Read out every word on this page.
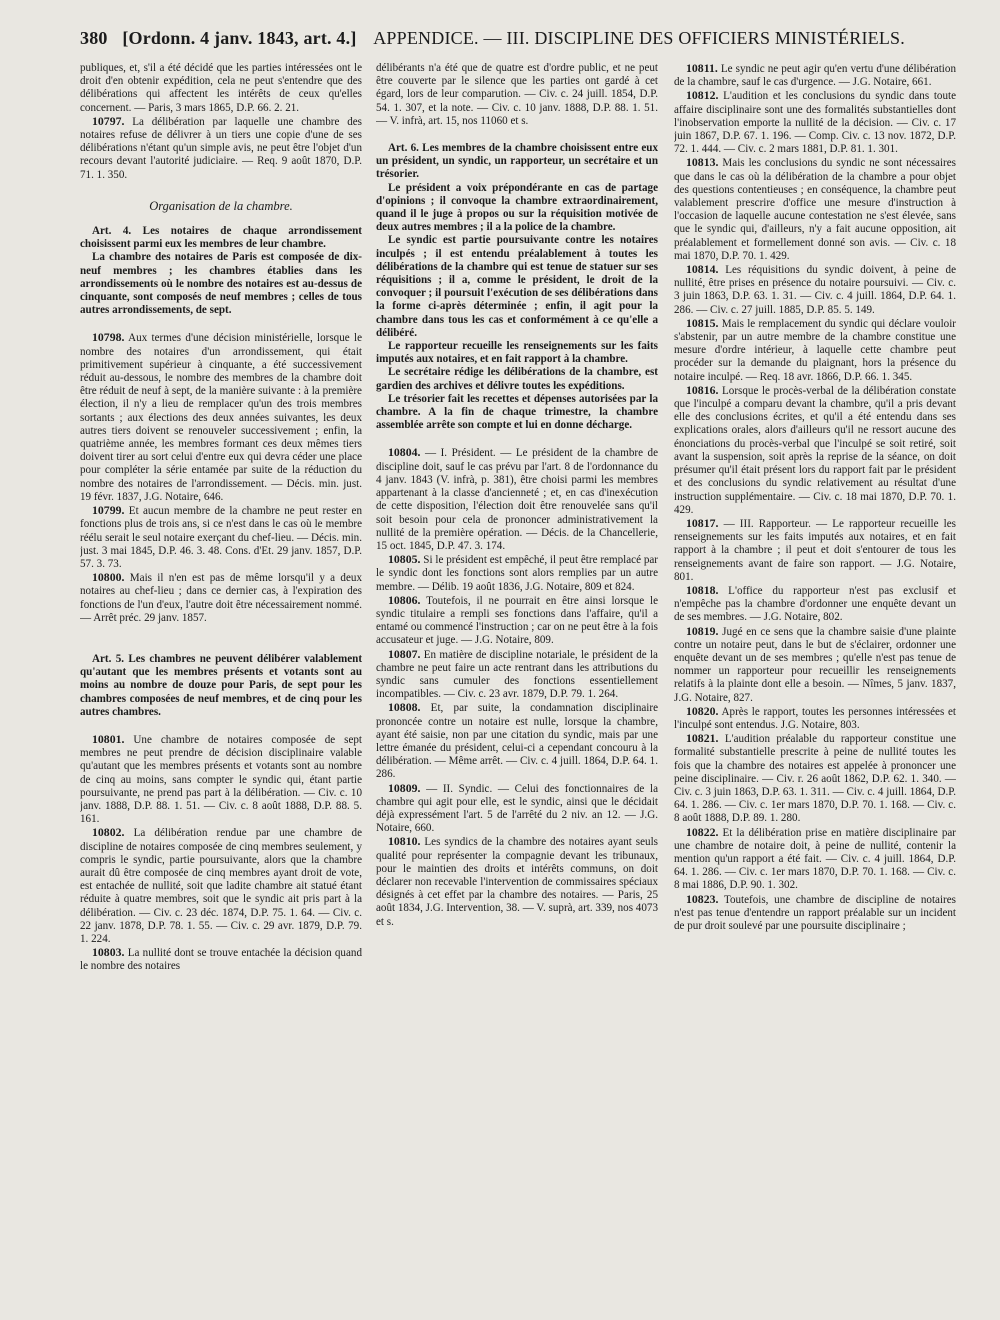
380 [Ordonn. 4 janv. 1843, art. 4.] APPENDICE. — III. DISCIPLINE DES OFFICIERS MINISTÉRIELS.

publiques, et, s'il a été décidé que les parties intéressées ont le droit d'en obtenir expédition, cela ne peut s'entendre que des délibérations qui affectent les intérêts de ceux qu'elles concernent. — Paris, 3 mars 1865, D.P. 66. 2. 21.

10797. La délibération par laquelle une chambre des notaires refuse de délivrer à un tiers une copie d'une de ses délibérations n'étant qu'un simple avis, ne peut être l'objet d'un recours devant l'autorité judiciaire. — Req. 9 août 1870, D.P. 71. 1. 350.

Organisation de la chambre.

Art. 4. Les notaires de chaque arrondissement choisissent parmi eux les membres de leur chambre.

La chambre des notaires de Paris est composée de dix-neuf membres ; les chambres établies dans les arrondissements où le nombre des notaires est au-dessus de cinquante, sont composés de neuf membres ; celles de tous autres arrondissements, de sept.

10798. Aux termes d'une décision ministérielle, lorsque le nombre des notaires d'un arrondissement, qui était primitivement supérieur à cinquante, a été successivement réduit au-dessous, le nombre des membres de la chambre doit être réduit de neuf à sept, de la manière suivante : à la première élection, il n'y a lieu de remplacer qu'un des trois membres sortants ; aux élections des deux années suivantes, les deux autres tiers doivent se renouveler successivement ; enfin, la quatrième année, les membres formant ces deux mêmes tiers doivent tirer au sort celui d'entre eux qui devra céder une place pour compléter la série entamée par suite de la réduction du nombre des notaires de l'arrondissement. — Décis. min. just. 19 févr. 1837, J.G. Notaire, 646.

10799. Et aucun membre de la chambre ne peut rester en fonctions plus de trois ans, si ce n'est dans le cas où le membre réélu serait le seul notaire exerçant du chef-lieu. — Décis. min. just. 3 mai 1845, D.P. 46. 3. 48. Cons. d'Et. 29 janv. 1857, D.P. 57. 3. 73.

10800. Mais il n'en est pas de même lorsqu'il y a deux notaires au chef-lieu ; dans ce dernier cas, à l'expiration des fonctions de l'un d'eux, l'autre doit être nécessairement nommé. — Arrêt préc. 29 janv. 1857.

Art. 5. Les chambres ne peuvent délibérer valablement qu'autant que les membres présents et votants sont au moins au nombre de douze pour Paris, de sept pour les chambres composées de neuf membres, et de cinq pour les autres chambres.

10801. Une chambre de notaires composée de sept membres ne peut prendre de décision disciplinaire valable qu'autant que les membres présents et votants sont au nombre de cinq au moins, sans compter le syndic qui, étant partie poursuivante, ne prend pas part à la délibération. — Civ. c. 10 janv. 1888, D.P. 88. 1. 51. — Civ. c. 8 août 1888, D.P. 88. 5. 161.

10802. La délibération rendue par une chambre de discipline de notaires composée de cinq membres seulement, y compris le syndic, partie poursuivante, alors que la chambre aurait dû être composée de cinq membres ayant droit de vote, est entachée de nullité, soit que ladite chambre ait statué étant réduite à quatre membres, soit que le syndic ait pris part à la délibération. — Civ. c. 23 déc. 1874, D.P. 75. 1. 64. — Civ. c. 22 janv. 1878, D.P. 78. 1. 55. — Civ. c. 29 avr. 1879, D.P. 79. 1. 224.

10803. La nullité dont se trouve entachée la décision quand le nombre des notaires

délibérants n'a été que de quatre est d'ordre public, et ne peut être couverte par le silence que les parties ont gardé à cet égard, lors de leur comparution. — Civ. c. 24 juill. 1854, D.P. 54. 1. 307, et la note. — Civ. c. 10 janv. 1888, D.P. 88. 1. 51. — V. infrà, art. 15, nos 11060 et s.

Art. 6. Les membres de la chambre choisissent entre eux un président, un syndic, un rapporteur, un secrétaire et un trésorier.

Le président a voix prépondérante en cas de partage d'opinions ; il convoque la chambre extraordinairement, quand il le juge à propos ou sur la réquisition motivée de deux autres membres ; il a la police de la chambre.

Le syndic est partie poursuivante contre les notaires inculpés ; il est entendu préalablement à toutes les délibérations de la chambre qui est tenue de statuer sur ses réquisitions ; il a, comme le président, le droit de la convoquer ; il poursuit l'exécution de ses délibérations dans la forme ci-après déterminée ; enfin, il agit pour la chambre dans tous les cas et conformément à ce qu'elle a délibéré.

Le rapporteur recueille les renseignements sur les faits imputés aux notaires, et en fait rapport à la chambre.

Le secrétaire rédige les délibérations de la chambre, est gardien des archives et délivre toutes les expéditions.

Le trésorier fait les recettes et dépenses autorisées par la chambre. A la fin de chaque trimestre, la chambre assemblée arrête son compte et lui en donne décharge.

10804. — I. Président. — Le président de la chambre de discipline doit, sauf le cas prévu par l'art. 8 de l'ordonnance du 4 janv. 1843 (V. infrà, p. 381), être choisi parmi les membres appartenant à la classe d'ancienneté ; et, en cas d'inexécution de cette disposition, l'élection doit être renouvelée sans qu'il soit besoin pour cela de prononcer administrativement la nullité de la première opération. — Décis. de la Chancellerie, 15 oct. 1845, D.P. 47. 3. 174.

10805. Si le président est empêché, il peut être remplacé par le syndic dont les fonctions sont alors remplies par un autre membre. — Délib. 19 août 1836, J.G. Notaire, 809 et 824.

10806. Toutefois, il ne pourrait en être ainsi lorsque le syndic titulaire a rempli ses fonctions dans l'affaire, qu'il a entamé ou commencé l'instruction ; car on ne peut être à la fois accusateur et juge. — J.G. Notaire, 809.

10807. En matière de discipline notariale, le président de la chambre ne peut faire un acte rentrant dans les attributions du syndic sans cumuler des fonctions essentiellement incompatibles. — Civ. c. 23 avr. 1879, D.P. 79. 1. 264.

10808. Et, par suite, la condamnation disciplinaire prononcée contre un notaire est nulle, lorsque la chambre, ayant été saisie, non par une citation du syndic, mais par une lettre émanée du président, celui-ci a cependant concouru à la délibération. — Même arrêt. — Civ. c. 4 juill. 1864, D.P. 64. 1. 286.

10809. — II. Syndic. — Celui des fonctionnaires de la chambre qui agit pour elle, est le syndic, ainsi que le décidait déjà expressément l'art. 5 de l'arrêté du 2 niv. an 12. — J.G. Notaire, 660.

10810. Les syndics de la chambre des notaires ayant seuls qualité pour représenter la compagnie devant les tribunaux, pour le maintien des droits et intérêts communs, on doit déclarer non recevable l'intervention de commissaires spéciaux désignés à cet effet par la chambre des notaires. — Paris, 25 août 1834, J.G. Intervention, 38. — V. suprà, art. 339, nos 4073 et s.

10811. Le syndic ne peut agir qu'en vertu d'une délibération de la chambre, sauf le cas d'urgence. — J.G. Notaire, 661.

10812. L'audition et les conclusions du syndic dans toute affaire disciplinaire sont une des formalités substantielles dont l'inobservation emporte la nullité de la décision. — Civ. c. 17 juin 1867, D.P. 67. 1. 196. — Comp. Civ. c. 13 nov. 1872, D.P. 72. 1. 444. — Civ. c. 2 mars 1881, D.P. 81. 1. 301.

10813. Mais les conclusions du syndic ne sont nécessaires que dans le cas où la délibération de la chambre a pour objet des questions contentieuses ; en conséquence, la chambre peut valablement prescrire d'office une mesure d'instruction à l'occasion de laquelle aucune contestation ne s'est élevée, sans que le syndic qui, d'ailleurs, n'y a fait aucune opposition, ait préalablement et formellement donné son avis. — Civ. c. 18 mai 1870, D.P. 70. 1. 429.

10814. Les réquisitions du syndic doivent, à peine de nullité, être prises en présence du notaire poursuivi. — Civ. c. 3 juin 1863, D.P. 63. 1. 31. — Civ. c. 4 juill. 1864, D.P. 64. 1. 286. — Civ. c. 27 juill. 1885, D.P. 85. 5. 149.

10815. Mais le remplacement du syndic qui déclare vouloir s'abstenir, par un autre membre de la chambre constitue une mesure d'ordre intérieur, à laquelle cette chambre peut procéder sur la demande du plaignant, hors la présence du notaire inculpé. — Req. 18 avr. 1866, D.P. 66. 1. 345.

10816. Lorsque le procès-verbal de la délibération constate que l'inculpé a comparu devant la chambre, qu'il a pris devant elle des conclusions écrites, et qu'il a été entendu dans ses explications orales, alors d'ailleurs qu'il ne ressort aucune des énonciations du procès-verbal que l'inculpé se soit retiré, soit avant la suspension, soit après la reprise de la séance, on doit présumer qu'il était présent lors du rapport fait par le président et des conclusions du syndic relativement au résultat d'une instruction supplémentaire. — Civ. c. 18 mai 1870, D.P. 70. 1. 429.

10817. — III. Rapporteur. — Le rapporteur recueille les renseignements sur les faits imputés aux notaires, et en fait rapport à la chambre ; il peut et doit s'entourer de tous les renseignements avant de faire son rapport. — J.G. Notaire, 801.

10818. L'office du rapporteur n'est pas exclusif et n'empêche pas la chambre d'ordonner une enquête devant un de ses membres. — J.G. Notaire, 802.

10819. Jugé en ce sens que la chambre saisie d'une plainte contre un notaire peut, dans le but de s'éclairer, ordonner une enquête devant un de ses membres ; qu'elle n'est pas tenue de nommer un rapporteur pour recueillir les renseignements relatifs à la plainte dont elle a besoin. — Nîmes, 5 janv. 1837, J.G. Notaire, 827.

10820. Après le rapport, toutes les personnes intéressées et l'inculpé sont entendus. J.G. Notaire, 803.

10821. L'audition préalable du rapporteur constitue une formalité substantielle prescrite à peine de nullité toutes les fois que la chambre des notaires est appelée à prononcer une peine disciplinaire. — Civ. r. 26 août 1862, D.P. 62. 1. 340. — Civ. c. 3 juin 1863, D.P. 63. 1. 311. — Civ. c. 4 juill. 1864, D.P. 64. 1. 286. — Civ. c. 1er mars 1870, D.P. 70. 1. 168. — Civ. c. 8 août 1888, D.P. 89. 1. 280.

10822. Et la délibération prise en matière disciplinaire par une chambre de notaire doit, à peine de nullité, contenir la mention qu'un rapport a été fait. — Civ. c. 4 juill. 1864, D.P. 64. 1. 286. — Civ. c. 1er mars 1870, D.P. 70. 1. 168. — Civ. c. 8 mai 1886, D.P. 90. 1. 302.

10823. Toutefois, une chambre de discipline de notaires n'est pas tenue d'entendre un rapport préalable sur un incident de pur droit soulevé par une poursuite disciplinaire ;
